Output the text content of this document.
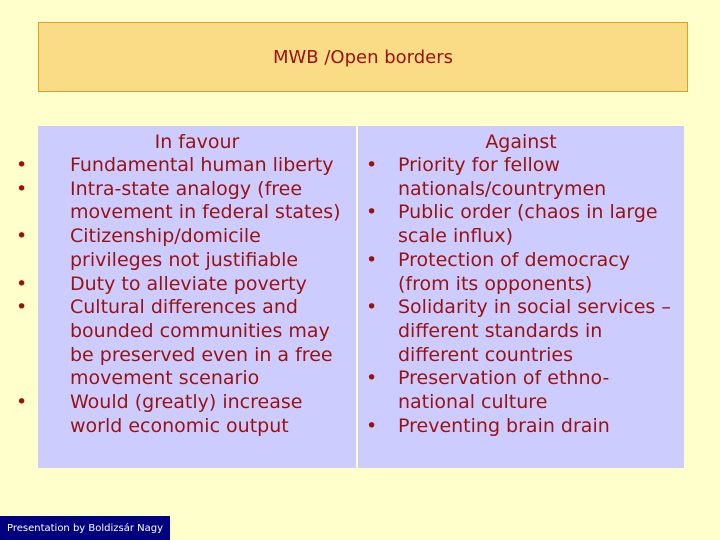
MWB /Open borders
In favour
• Fundamental human liberty
• Intra-state analogy (free movement in federal states)
• Citizenship/domicile privileges not justifiable
• Duty to alleviate poverty
• Cultural differences and bounded communities may be preserved even in a free movement scenario
• Would (greatly) increase world economic output
Against
• Priority for fellow nationals/countrymen
• Public order (chaos in large scale influx)
• Protection of democracy (from its opponents)
• Solidarity in social services – different standards in different countries
• Preservation of ethno-national culture
• Preventing brain drain
Presentation by Boldizsár Nagy
